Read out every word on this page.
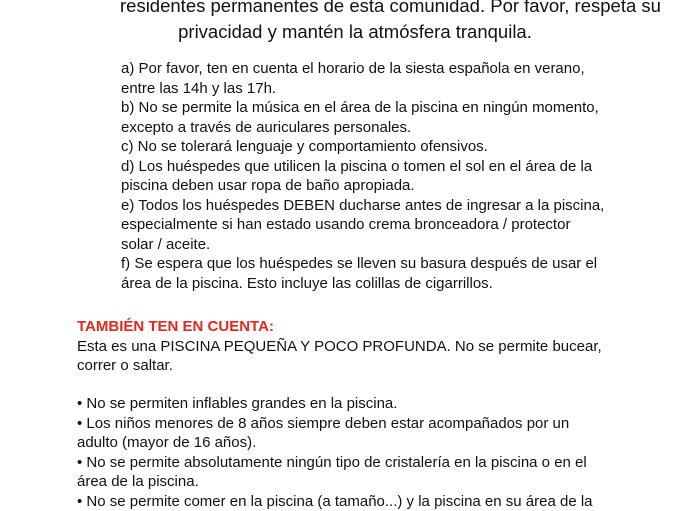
residentes permanentes de esta comunidad. Por favor, respeta su
privacidad y mantén la atmósfera tranquila.
a) Por favor, ten en cuenta el horario de la siesta española en verano,
entre las 14h y las 17h.
b) No se permite la música en el área de la piscina en ningún momento,
excepto a través de auriculares personales.
c) No se tolerará lenguaje y comportamiento ofensivos.
d) Los huéspedes que utilicen la piscina o tomen el sol en el área de la
piscina deben usar ropa de baño apropiada.
e) Todos los huéspedes DEBEN ducharse antes de ingresar a la piscina,
especialmente si han estado usando crema bronceadora / protector
solar / aceite.
f) Se espera que los huéspedes se lleven su basura después de usar el
área de la piscina. Esto incluye las colillas de cigarrillos.
TAMBIÉN TEN EN CUENTA:
Esta es una PISCINA PEQUEÑA Y POCO PROFUNDA. No se permite bucear,
correr o saltar.
• No se permiten inflables grandes en la piscina.
• Los niños menores de 8 años siempre deben estar acompañados por un
adulto (mayor de 16 años).
• No se permite absolutamente ningún tipo de cristalería en la piscina o en el
área de la piscina.
• No se permite comer en la piscina (a tamaño...) y la piscina en su área de la
